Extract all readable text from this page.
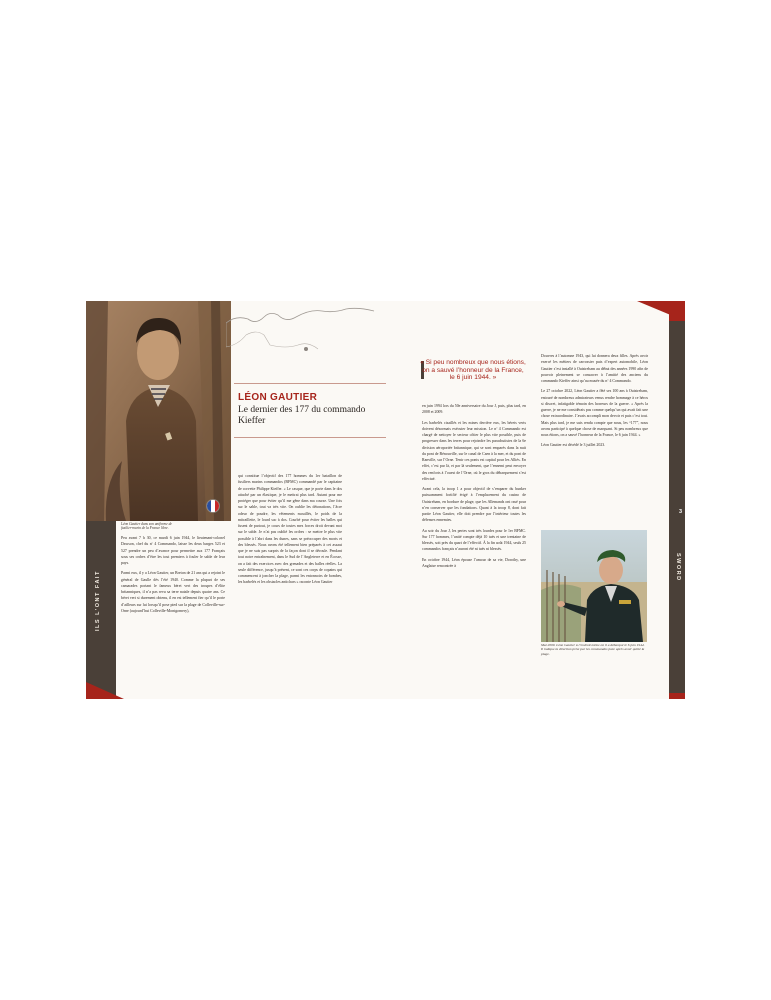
ILS L'ONT FAIT
3
SWORD
Léon Gautier dans son uniforme de fusilier-marin de la France libre.
LÉON GAUTIER
Le dernier des 177 du commando Kieffer

Peu avant 7 h 30, ce mardi 6 juin 1944, le lieutenant-colonel Dawson, chef du nº 4 Commando, laisse les deux barges 523 et 527 prendre un peu d’avance pour permettre aux 177 Français sous ses ordres d’être les tout premiers à fouler le sable de leur pays.

Parmi eux, il y a Léon Gautier, un Breton de 21 ans qui a rejoint le général de Gaulle dès l’été 1940. Comme la plupart de ses camarades portant le fameux béret vert des troupes d’élite britanniques, il n’a pas revu sa terre natale depuis quatre ans. Ce béret vert si durement obtenu, il en est tellement fier qu’il le porte d’ailleurs sur lui lorsqu’il pose pied sur la plage de Colleville-sur-Orne (aujourd’hui Colleville-Montgomery),

qui constitue l’objectif des 177 hommes du 1er bataillon de fusiliers marins commandos (BFMC) commandé par le capitaine de corvette Philippe Kieffer. « Le casque, que je porte dans le dos attaché par un élastique, je le mettrai plus tard. Autant pour me protéger que pour éviter qu’il me gêne dans ma course. Une fois sur le sable, tout va très vite. On oublie les détonations, l’âcre odeur de poudre, les vêtements mouillés, le poids de la mitraillette, le lourd sac à dos. Courbé pour éviter les balles qui fusent de partout, je cours de toutes mes forces droit devant moi sur le sable. Je n’ai pas oublié les ordres : se mettre le plus vite possible à l’abri dans les dunes, sans se préoccuper des morts et des blessés. Nous avons été tellement bien préparés à cet assaut que je ne suis pas surpris de la façon dont il se déroule. Pendant tout notre entraînement, dans le Sud de l’Angleterre et en Écosse, on a fait des exercices avec des grenades et des balles réelles. La seule différence, jusqu’à présent, ce sont ces corps de copains qui commencent à joncher la plage, parmi les entonnoirs de bombes, les barbelés et les obstacles antichars » raconte Léon Gautier

« Si peu nombreux que nous étions, on a sauvé l’honneur de la France, le 6 juin 1944. »

en juin 1994 lors du 50e anniversaire du Jour J, puis, plus tard, en 2008 et 2009.

Les barbelés cisaillés et les mines derrière eux, les bérets verts doivent désormais exécuter leur mission. Le nº 4 Commando est chargé de nettoyer le secteur côtier le plus vite possible, puis de progresser dans les terres pour rejoindre les parachutistes de la 6e division aéroportée britannique, qui se sont emparés dans la nuit du pont de Bénouville, sur le canal de Caen à la mer, et du pont de Ranville, sur l’Orne. Tenir ces ponts est capital pour les Alliés. En effet, c’est par là, et par là seulement, que l’ennemi peut envoyer des renforts à l’ouest de l’Orne, où le gros du débarquement s’est effectué.

Avant cela, la troop 1 a pour objectif de s’emparer du bunker puissamment fortifié érigé à l’emplacement du casino de Ouistreham, en bordure de plage, que les Allemands ont rasé pour n’en conserver que les fondations. Quant à la troop 8, dont fait partie Léon Gautier, elle doit prendre par l’intérieur toutes les défenses ennemies.

Au soir du Jour J, les pertes sont très lourdes pour le 1er BFMC. Sur 177 hommes, l’unité compte déjà 10 tués et une trentaine de blessés, soit près du quart de l’effectif. À la fin août 1944, seuls 25 commandos français n’auront été ni tués ni blessés.

En octobre 1944, Léon épouse l’amour de sa vie, Dorothy, une Anglaise rencontrée à

Douvres à l’automne 1943, qui lui donnera deux filles. Après avoir exercé les métiers de carrossier puis d’expert automobile, Léon Gautier s’est installé à Ouistreham au début des années 1990 afin de pouvoir pleinement se consacrer à l’amitié des anciens du commando Kieffer ainsi qu’au musée du nº 4 Commando.

Le 27 octobre 2022, Léon Gautier a fêté ses 100 ans à Ouistreham, entouré de nombreux admirateurs venus rendre hommage à ce héros si discret, infatigable témoin des horreurs de la guerre. « Après la guerre, je ne me considérais pas comme quelqu’un qui avait fait une chose extraordinaire. J’avais accompli mon devoir et puis c’est tout. Mais plus tard, je me suis rendu compte que nous, les “177”, nous avons participé à quelque chose de marquant. Si peu nombreux que nous étions, on a sauvé l’honneur de la France, le 6 juin 1944. »

Léon Gautier est décédé le 3 juillet 2023.

Mai 2009. Léon Gautier à l’endroit même où il a débarqué le 6 juin 1944. Il indique la direction prise par les commandos juste après avoir quitté la plage.
